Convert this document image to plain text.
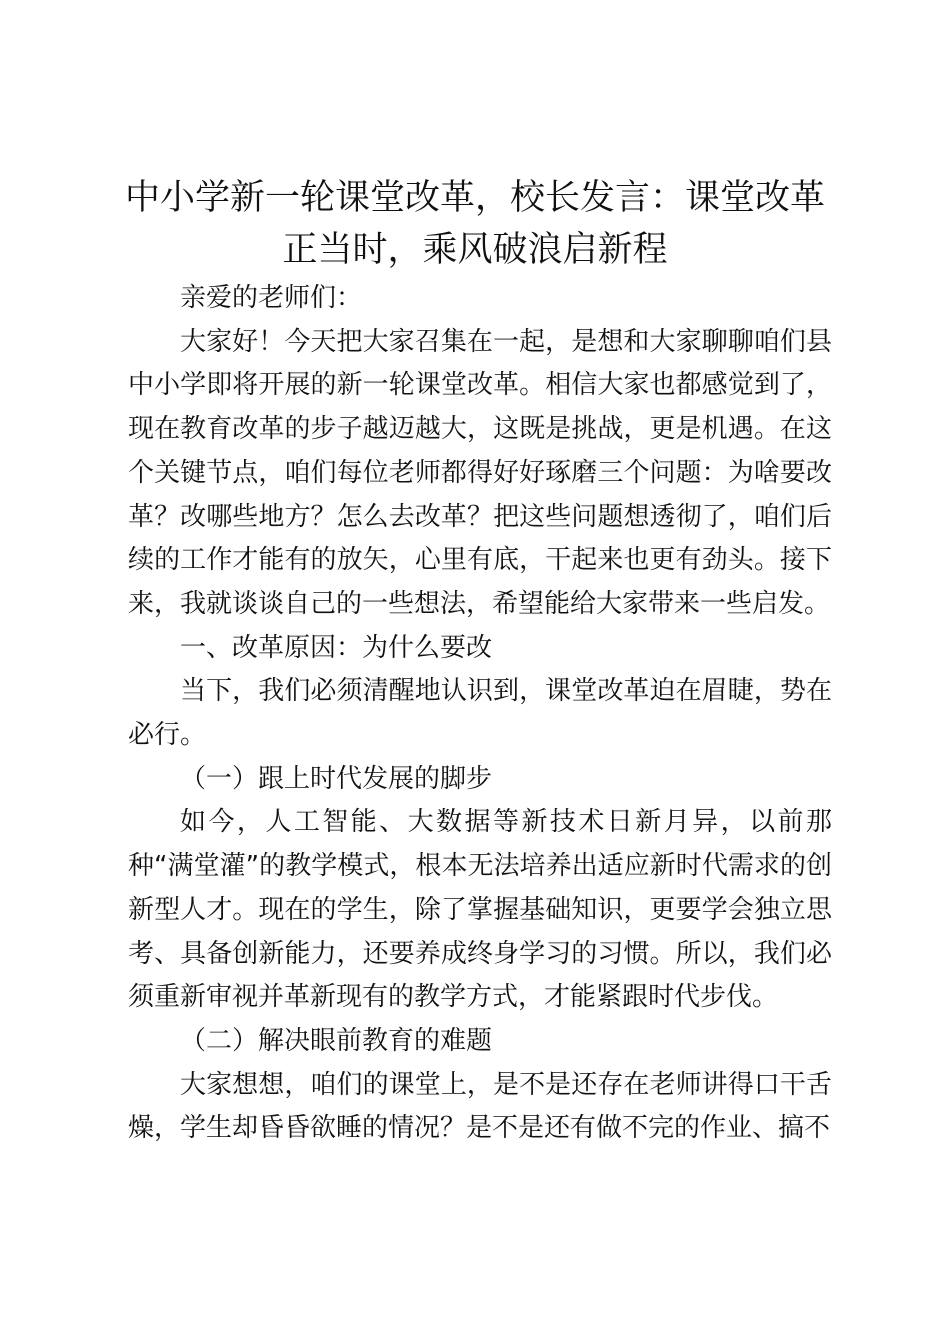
中小学新一轮课堂改革，校长发言：课堂改革
正当时，乘风破浪启新程

亲爱的老师们：

大家好！今天把大家召集在一起，是想和大家聊聊咱们县中小学即将开展的新一轮课堂改革。相信大家也都感觉到了，现在教育改革的步子越迈越大，这既是挑战，更是机遇。在这个关键节点，咱们每位老师都得好好琢磨三个问题：为啥要改革？改哪些地方？怎么去改革？把这些问题想透彻了，咱们后续的工作才能有的放矢，心里有底，干起来也更有劲头。接下来，我就谈谈自己的一些想法，希望能给大家带来一些启发。

一、改革原因：为什么要改

当下，我们必须清醒地认识到，课堂改革迫在眉睫，势在必行。

（一）跟上时代发展的脚步

如今，人工智能、大数据等新技术日新月异，以前那种“满堂灌”的教学模式，根本无法培养出适应新时代需求的创新型人才。现在的学生，除了掌握基础知识，更要学会独立思考、具备创新能力，还要养成终身学习的习惯。所以，我们必须重新审视并革新现有的教学方式，才能紧跟时代步伐。

（二）解决眼前教育的难题

大家想想，咱们的课堂上，是不是还存在老师讲得口干舌燥，学生却昏昏欲睡的情况？是不是还有做不完的作业、搞不
